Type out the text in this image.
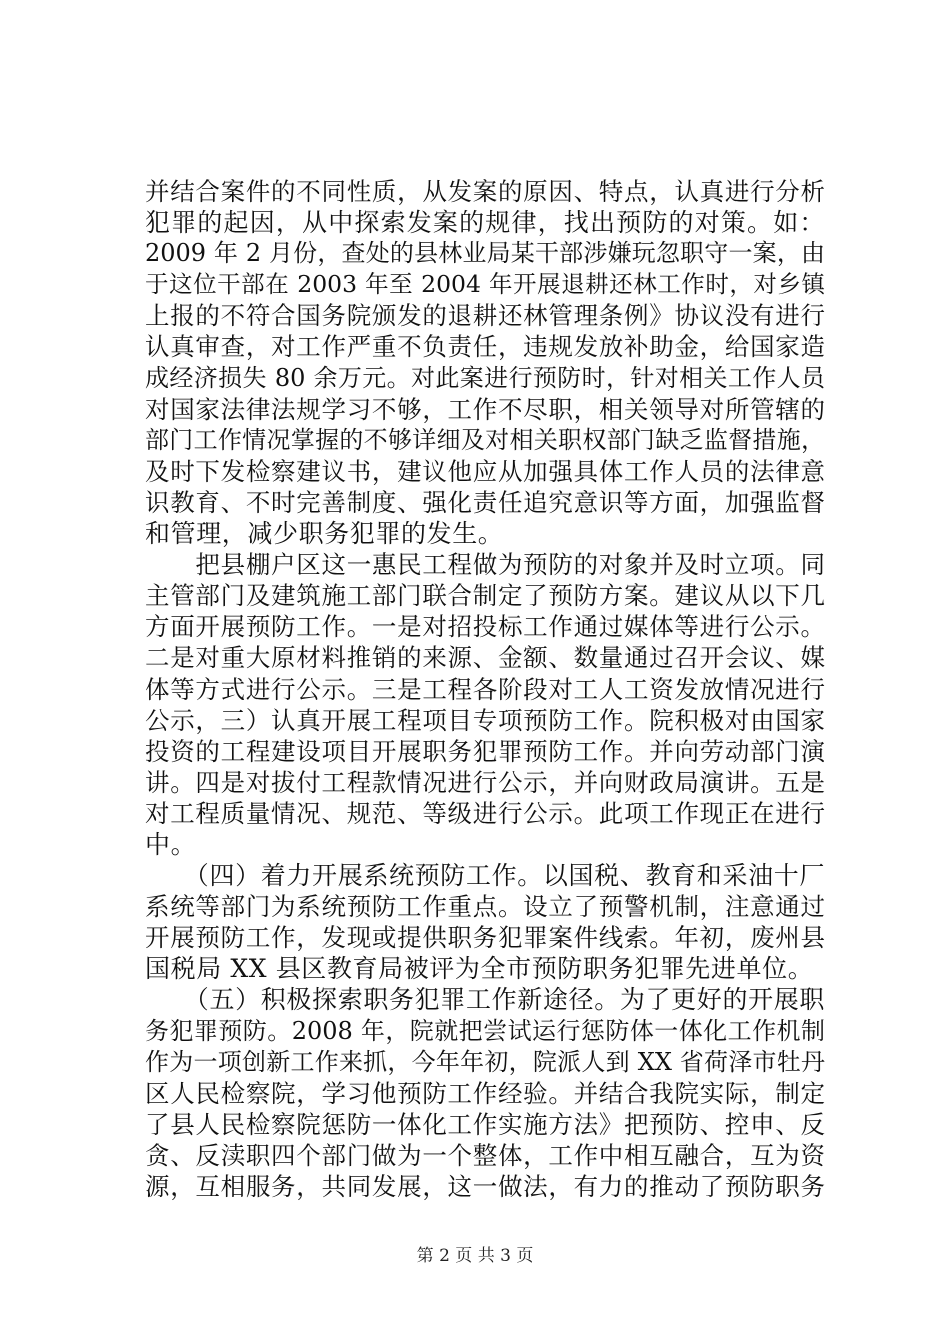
并结合案件的不同性质，从发案的原因、特点，认真进行分析
犯罪的起因，从中探索发案的规律，找出预防的对策。如：
2009 年 2 月份，查处的县林业局某干部涉嫌玩忽职守一案，由
于这位干部在 2003 年至 2004 年开展退耕还林工作时，对乡镇
上报的不符合国务院颁发的退耕还林管理条例》协议没有进行
认真审查，对工作严重不负责任，违规发放补助金，给国家造
成经济损失 80 余万元。对此案进行预防时，针对相关工作人员
对国家法律法规学习不够，工作不尽职，相关领导对所管辖的
部门工作情况掌握的不够详细及对相关职权部门缺乏监督措施，
及时下发检察建议书，建议他应从加强具体工作人员的法律意
识教育、不时完善制度、强化责任追究意识等方面，加强监督
和管理，减少职务犯罪的发生。
　　把县棚户区这一惠民工程做为预防的对象并及时立项。同
主管部门及建筑施工部门联合制定了预防方案。建议从以下几
方面开展预防工作。一是对招投标工作通过媒体等进行公示。
二是对重大原材料推销的来源、金额、数量通过召开会议、媒
体等方式进行公示。三是工程各阶段对工人工资发放情况进行
公示，三）认真开展工程项目专项预防工作。院积极对由国家
投资的工程建设项目开展职务犯罪预防工作。并向劳动部门演
讲。四是对拔付工程款情况进行公示，并向财政局演讲。五是
对工程质量情况、规范、等级进行公示。此项工作现正在进行
中。
　　（四）着力开展系统预防工作。以国税、教育和采油十厂
系统等部门为系统预防工作重点。设立了预警机制，注意通过
开展预防工作，发现或提供职务犯罪案件线索。年初，废州县
国税局 XX 县区教育局被评为全市预防职务犯罪先进单位。
　　（五）积极探索职务犯罪工作新途径。为了更好的开展职
务犯罪预防。2008 年，院就把尝试运行惩防体一体化工作机制
作为一项创新工作来抓，今年年初，院派人到 XX 省荷泽市牡丹
区人民检察院，学习他预防工作经验。并结合我院实际，制定
了县人民检察院惩防一体化工作实施方法》把预防、控申、反
贪、反渎职四个部门做为一个整体，工作中相互融合，互为资
源，互相服务，共同发展，这一做法，有力的推动了预防职务
第 2 页 共 3 页
